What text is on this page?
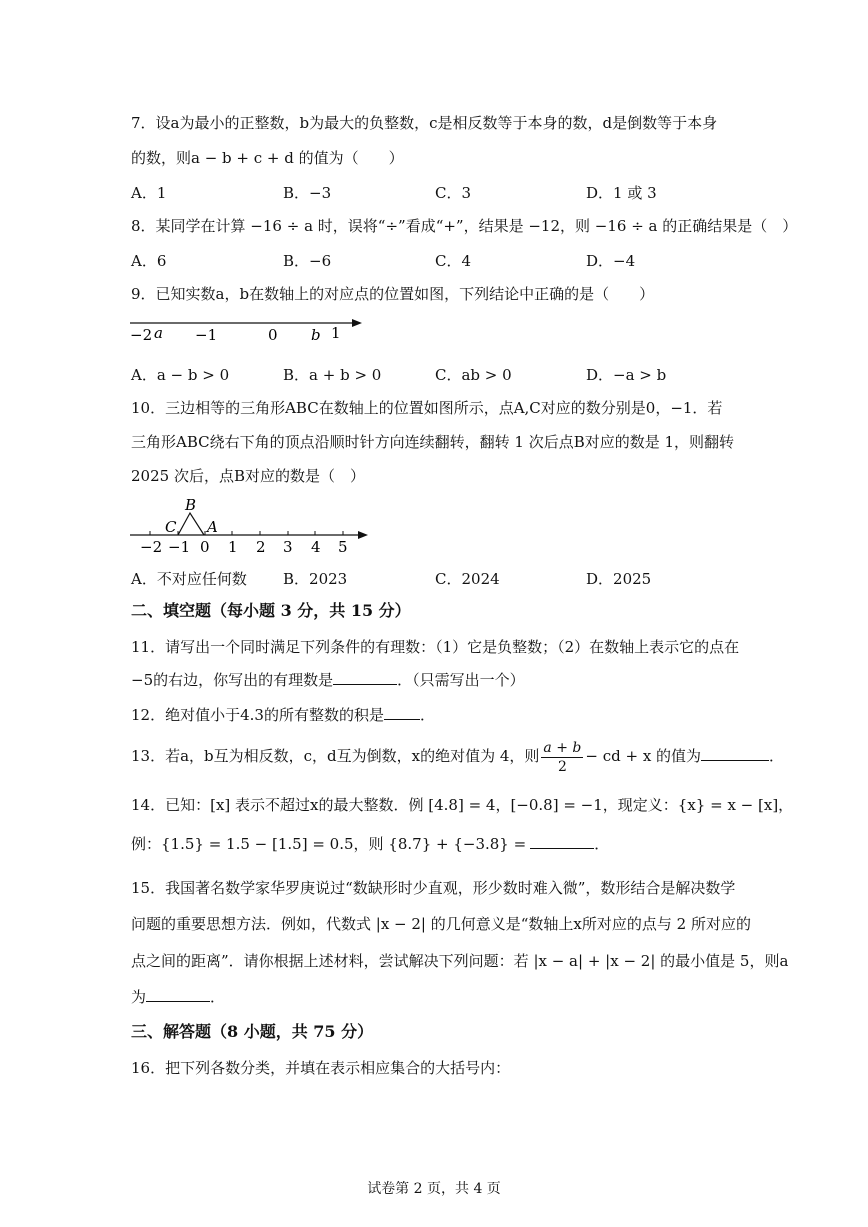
7．设a为最小的正整数，b为最大的负整数，c是相反数等于本身的数，d是倒数等于本身
的数，则a − b + c + d 的值为（　　）
A．1	B．−3	C．3	D．1 或 3
8．某同学在计算 −16 ÷ a 时，误将“÷”看成“+”，结果是 −12，则 −16 ÷ a 的正确结果是（　）
A．6	B．−6	C．4	D．−4
9．已知实数a，b在数轴上的对应点的位置如图，下列结论中正确的是（　　）
−2 a −1	0 b 1
A．a − b > 0	B．a + b > 0	C．ab > 0	D．−a > b
10．三边相等的三角形ABC在数轴上的位置如图所示，点A,C对应的数分别是0，−1．若
三角形ABC绕右下角的顶点沿顺时针方向连续翻转，翻转 1 次后点B对应的数是 1，则翻转
2025 次后，点B对应的数是（　）
B
C A
−2 −1 0 1 2 3 4 5
A．不对应任何数 B．2023	C．2024	D．2025
二、填空题（每小题 3 分，共 15 分）
11．请写出一个同时满足下列条件的有理数：（1）它是负整数；（2）在数轴上表示它的点在
−5的右边，你写出的有理数是	．（只需写出一个）
12．绝对值小于4.3的所有整数的积是 ．
13．若a，b互为相反数，c，d互为倒数，x的绝对值为 4，则 $\frac{a + b}{2}$ − cd + x 的值为	．
14．已知：[x] 表示不超过x的最大整数．例 [4.8] = 4，[−0.8] = −1，现定义：{x} = x − [x]，
例：{1.5} = 1.5 − [1.5] = 0.5，则 {8.7} + {−3.8} =	．
15．我国著名数学家华罗庚说过“数缺形时少直观，形少数时难入微”，数形结合是解决数学
问题的重要思想方法．例如，代数式 |x − 2| 的几何意义是“数轴上x所对应的点与 2 所对应的
点之间的距离”．请你根据上述材料，尝试解决下列问题：若 |x − a| + |x − 2| 的最小值是 5，则a
为	．
三、解答题（8 小题，共 75 分）
16．把下列各数分类，并填在表示相应集合的大括号内：
试卷第 2 页，共 4 页
